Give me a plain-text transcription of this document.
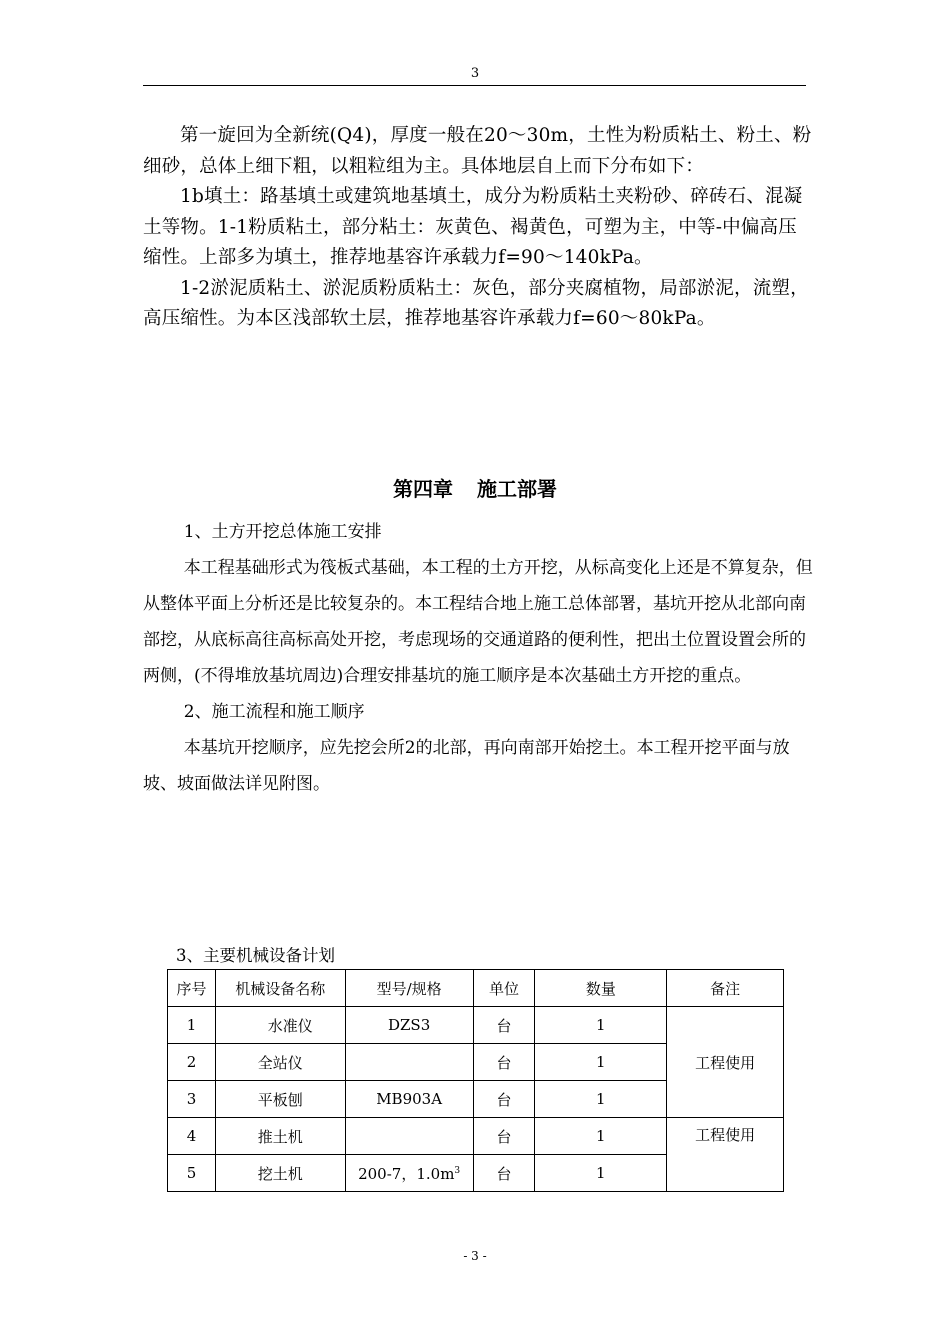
3

第一旋回为全新统(Q4)，厚度一般在20～30m，土性为粉质粘土、粉土、粉细砂，总体上细下粗，以粗粒组为主。具体地层自上而下分布如下：

1b填土：路基填土或建筑地基填土，成分为粉质粘土夹粉砂、碎砖石、混凝土等物。1-1粉质粘土，部分粘土：灰黄色、褐黄色，可塑为主，中等-中偏高压缩性。上部多为填土，推荐地基容许承载力f=90～140kPa。

1-2淤泥质粘土、淤泥质粉质粘土：灰色，部分夹腐植物，局部淤泥，流塑，高压缩性。为本区浅部软土层，推荐地基容许承载力f=60～80kPa。

第四章 施工部署

1、土方开挖总体施工安排

本工程基础形式为筏板式基础，本工程的土方开挖，从标高变化上还是不算复杂，但从整体平面上分析还是比较复杂的。本工程结合地上施工总体部署，基坑开挖从北部向南部挖，从底标高往高标高处开挖，考虑现场的交通道路的便利性，把出土位置设置会所的两侧，(不得堆放基坑周边)合理安排基坑的施工顺序是本次基础土方开挖的重点。

2、施工流程和施工顺序

本基坑开挖顺序，应先挖会所2的北部，再向南部开始挖土。本工程开挖平面与放坡、坡面做法详见附图。

3、主要机械设备计划
序号	机械设备名称	型号/规格	单位	数量	备注
1	水准仪	DZS3	台	1	工程使用
2	全站仪		台	1	
3	平板刨	MB903A	台	1	
4	推土机		台	1	工程使用
5	挖土机	200-7，$1.0m^3$	台	1	
- 3 -
